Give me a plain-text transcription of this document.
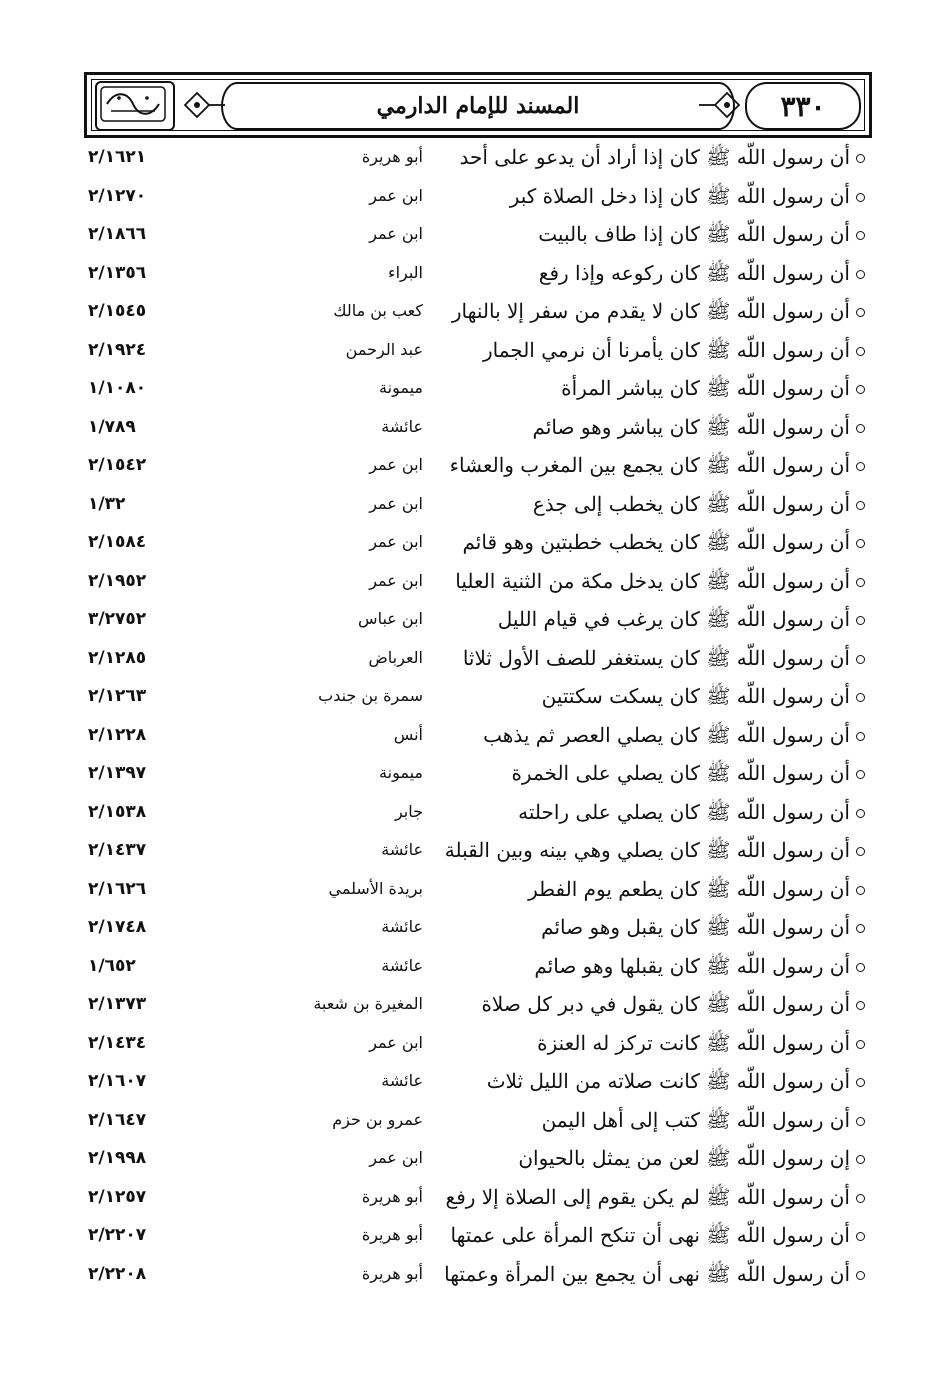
المسند للإمام الدارمي	٣٣٠
أن رسول اللّه ﷺ كان إذا أراد أن يدعو على أحد
أبو هريرة
٢/١٦٢١
أن رسول اللّه ﷺ كان إذا دخل الصلاة كبر
ابن عمر
٢/١٢٧٠
أن رسول اللّه ﷺ كان إذا طاف بالبيت
ابن عمر
٢/١٨٦٦
أن رسول اللّه ﷺ كان ركوعه وإذا رفع
البراء
٢/١٣٥٦
أن رسول اللّه ﷺ كان لا يقدم من سفر إلا بالنهار
كعب بن مالك
٢/١٥٤٥
أن رسول اللّه ﷺ كان يأمرنا أن نرمي الجمار
عبد الرحمن
٢/١٩٢٤
أن رسول اللّه ﷺ كان يباشر المرأة
ميمونة
١/١٠٨٠
أن رسول اللّه ﷺ كان يباشر وهو صائم
عائشة
١/٧٨٩
أن رسول اللّه ﷺ كان يجمع بين المغرب والعشاء
ابن عمر
٢/١٥٤٢
أن رسول اللّه ﷺ كان يخطب إلى جذع
ابن عمر
١/٣٢
أن رسول اللّه ﷺ كان يخطب خطبتين وهو قائم
ابن عمر
٢/١٥٨٤
أن رسول اللّه ﷺ كان يدخل مكة من الثنية العليا
ابن عمر
٢/١٩٥٢
أن رسول اللّه ﷺ كان يرغب في قيام الليل
ابن عباس
٣/٢٧٥٢
أن رسول اللّه ﷺ كان يستغفر للصف الأول ثلاثا
العرباض
٢/١٢٨٥
أن رسول اللّه ﷺ كان يسكت سكتتين
سمرة بن جندب
٢/١٢٦٣
أن رسول اللّه ﷺ كان يصلي العصر ثم يذهب
أنس
٢/١٢٢٨
أن رسول اللّه ﷺ كان يصلي على الخمرة
ميمونة
٢/١٣٩٧
أن رسول اللّه ﷺ كان يصلي على راحلته
جابر
٢/١٥٣٨
أن رسول اللّه ﷺ كان يصلي وهي بينه وبين القبلة
عائشة
٢/١٤٣٧
أن رسول اللّه ﷺ كان يطعم يوم الفطر
بريدة الأسلمي
٢/١٦٢٦
أن رسول اللّه ﷺ كان يقبل وهو صائم
عائشة
٢/١٧٤٨
أن رسول اللّه ﷺ كان يقبلها وهو صائم
عائشة
١/٦٥٢
أن رسول اللّه ﷺ كان يقول في دبر كل صلاة
المغيرة بن شعبة
٢/١٣٧٣
أن رسول اللّه ﷺ كانت تركز له العنزة
ابن عمر
٢/١٤٣٤
أن رسول اللّه ﷺ كانت صلاته من الليل ثلاث
عائشة
٢/١٦٠٧
أن رسول اللّه ﷺ كتب إلى أهل اليمن
عمرو بن حزم
٢/١٦٤٧
إن رسول اللّه ﷺ لعن من يمثل بالحيوان
ابن عمر
٢/١٩٩٨
أن رسول اللّه ﷺ لم يكن يقوم إلى الصلاة إلا رفع
أبو هريرة
٢/١٢٥٧
أن رسول اللّه ﷺ نهى أن تنكح المرأة على عمتها
أبو هريرة
٢/٢٢٠٧
أن رسول اللّه ﷺ نهى أن يجمع بين المرأة وعمتها
أبو هريرة
٢/٢٢٠٨
